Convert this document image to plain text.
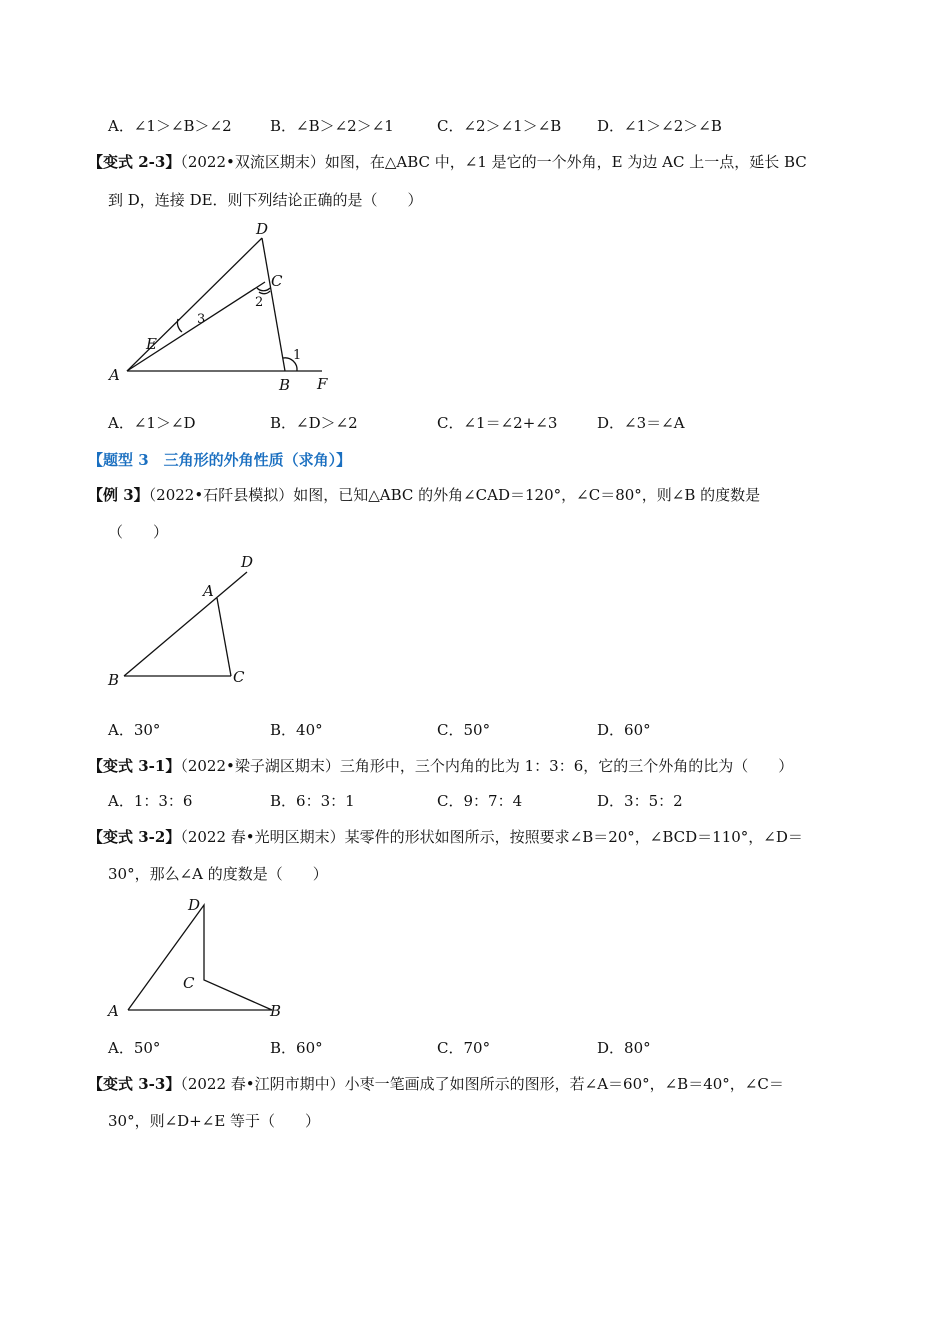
A．∠1＞∠B＞∠2	B．∠B＞∠2＞∠1	C．∠2＞∠1＞∠B D．∠1＞∠2＞∠B
【变式 2-3】（2022•双流区期末）如图，在△ABC 中，∠1 是它的一个外角，E 为边 AC 上一点，延长 BC
到 D，连接 DE．则下列结论正确的是（　　）
D
C
E
A
B F
1
2
3
A．∠1＞∠D	B．∠D＞∠2	C．∠1＝∠2+∠3	D．∠3＝∠A
【题型 3　三角形的外角性质（求角）】
【例 3】（2022•石阡县模拟）如图，已知△ABC 的外角∠CAD＝120°，∠C＝80°，则∠B 的度数是
（　　）
D
A
B	C
A．30°	B．40°	C．50°	D．60°
【变式 3-1】（2022•梁子湖区期末）三角形中，三个内角的比为 1：3：6，它的三个外角的比为（　　）
A．1：3：6	B．6：3：1	C．9：7：4	D．3：5：2
【变式 3-2】（2022 春•光明区期末）某零件的形状如图所示，按照要求∠B＝20°，∠BCD＝110°，∠D＝
30°，那么∠A 的度数是（　　）
D
C
A	B
A．50°	B．60°	C．70°	D．80°
【变式 3-3】（2022 春•江阴市期中）小枣一笔画成了如图所示的图形，若∠A＝60°，∠B＝40°，∠C＝
30°，则∠D+∠E 等于（　　）
